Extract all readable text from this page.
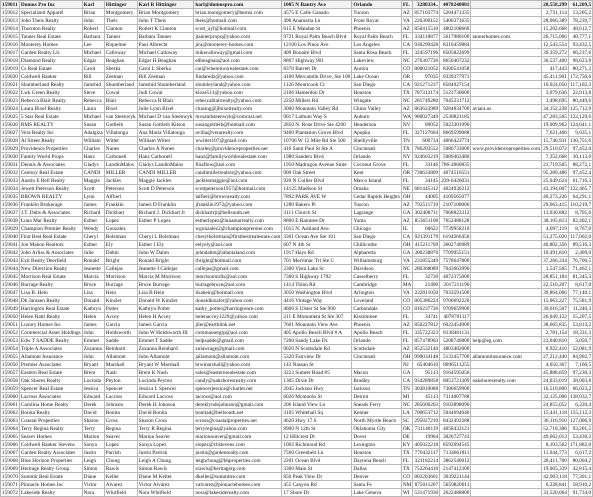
159011	Domus Pro Inc	Karl	Hittinger	Karl R Hittinger	karl@domuspro.com	1005 N Bantry Ave	Orlando	FL	3280334..	4078240001		28,558,299	61,209,5
159012	Specialized Apparel	Brian	Montgomery	Brian Montgomery	brian.montgomery@bernsi.com	4575 E Calle Ganado	Tucson	AZ	857103774	5204471335		2,731,114	13,205,2
159013	John Theis Realty	John	Theis	John T Theis	theis@hotmail.com	490 Anamaria Ln	Front Royal	VA	226300152	5406371635		28,066,389	78,239,7
159014	Thornton Realty	Robert	Clanton	Robert K Clanton	scott_ayf@hotmail.com	615 E Mandan St	Phoenix	AZ	850415510	4802108660		15,202,668	48,612,7
159015	Tanner Real Estate	Barbara	Tanner	Barbara Tanner	jtannerprops@yahoo.com	9721 Royal Palm Beach Blvd	Royal Palm Beach	FL	334118877	5617980100	tannerhomes.com	26,715,066	40,777,1
159016	Monterey Homes	Lee	Riquelme	Paul Albrecht	jira@monterey-homes.com	12100 Los Pinos Ave	Los Angeles	CA	930299428	8310459884		12,543,554	93,432,5
159017	Garden Realty Llc	Michael	Calloway	Michael Calloway	mikecalloway@gmail.com	409 Bonaire Blvd	Santa Rosa Beach	FL	324597196	8505822699		39,359,272	66,237,6
159018	Diamond Realty	Edgar	Beaghan	Edgar H Beaghan	edbeaghan@aol.com	8867 Highway 901	Lakeview	NC	276307720	8650467232		36,537,400	98,623,8
159019	Cs Real Estate	Carol	Sberka	Carol L Sberka	car@whereincsrealestate.com	8370 Barrett Dr	Aurora	CO	800021052	8300541058		417,443	80,271,2
159020	Coldwell Banker	Bill	Zeeman	Bill Zeeman	findaredz@yahoo.com	4100 Mercantile Drive, Ste 100	Lake Ocean	OR	97035	9339377971		45,411,901	172,750,6
159021	Shumberland Realty	Jamshid	Shumberland	Jamshid Shumberland	shumleyland@yahoo.com	1126 Monticook Ct	San Diego	CA	921271237	8584027154		10,024,050	117,102,3
159022	Lwk Green Realty	Steve	Cowal	Judi Cowal	kloze511@yahoo.com	2106 Hamerdon Dr	Houston	TX	787312174	5123730600		3,079,636	22,013,8
159023	Rebecca Blair Realty	Rebecca	Blair	Rebecca R Blair	rebeccablairrealty@yahoo.com	2250 Millers Rd	Wingate	NC	281749280	7045231712		3,498,695	80,449,6
159024	Laura Bixel Realty	Laura	Bixel	Julie Lynn Bixel	chasing@jlbixelrealty.com	3000 Mountain Valley Rd	Chino Valley	AZ	863623989	9284834700	aviara.us	34,152,238	125,712,9
159025	5 Star Real Estate	Michael	van Steenwyk	Michael D van Steenwyk	mvsandsteenwyk@comcast.net	9017 Lathum Way S	Auburn	WA	980027349	2538821185		47,283,565	122,129,6
159026	RMS REALTY	Susan	Gottleib	Susan Gottleib Kitson	susangottleib@hotmail.com	2850 N. Rose Drive Ste 4200	Henderson	NV	89052	5023301990		19,009,962	124,641,1
159027	Vera Realty Inc	Adalgiza	Villalonga	Ana Maria Villalonga	avilla@verarealty.com	9400 Plantation Grove Blvd	Apopka	FL	327127604	8669599088		7,621,466	9,635,1
159028	Al Street Realty	William	Witter	William Witter	wwitter107@gmail.com	10706 W 12 Mile Rd Ste 500	Shelbyville	TN	600734	4066423774		15,740,931	130,751,6
159029	Providence Properties	Charles	Nunes	Charles A Nunes	charles@providenceproperties.net	416 Saint Paul St Ste A	Cincinnati	TX	786203552	5086733000	www.providenceproperties.com	29,510,072	97,452,0
159030	Family World Props	Hanz	Carbonell	Hanz Carbonell	hanz@familyworldrealestate.com	1980 Sanders Blvd	Orlando	NY	924603219	5089463480		7,352,668	30,113,6
159031	Dennis & Associates	Gladys	LandinMalos	Gladys LandinMalos	floaflow@aol.com	1950 Madrugon Avenue Suite	Coconut Grove	FL	33146	786-2860835		21,719,505	88,272,1
159032	Century Real Estate	CANDI	MILLER	CANDI MILLER	candimillerrealtor@yahoo.com	900 Oak Street	Kent	OR	730633809	4074516551		95,289,486	97,452,4
159033	Austin E Bell Realty	Maggie	Jackles	Maggie Jackles	jacklesmaggie@aol.com	920 N Collier Blvd	Marco Island	FL	34145	239-6426031		25,049,624	61,716,3
159034	Jewett Peterson Realty	Scott	Peterson	Scott D Peterson	scottpeterson1957@hotmail.com	14125 Madison St	Omaha	NE	681445312	4024936212		43,194,007	122,465,7
159035	BROWN REALTY	Lynn	Alflieri		lalfieri@brownrealty.com	7892 PARK AVE W	Cedar Rapids Heights	OH	44005	4109565077		40,273,226	64,291,1
159036	Franklin Brokerage	James	Franklin	James D Franklin	jfranklin1972@yahoo.com	1280 Bakers Pl	Tuscon	AZ	792511719	2107108006		29,663,415	110,219,7
159037	J.T. Dubs & Associates	Richard	Dickhart	Richard J. Dickhart Jr	dickhartrjr@bellsouth.net	3111 Church St	Lagrange	GA	302408711	7068823312		13,030,882	8,705,6
159038	Luna Mar Realty	Esther	Lopez	Esther P Lopez	estherlopez@lunamarrealty.com	8800 E Raintree Dr	Yuma	AZ	853651108	7652488128		38,105,813	82,402,1
159039	Champion Premier Realty	Wendy	Gonzalez		wgonzalez2@championpremier.com	1015 N. Ashland Ave.	Chicago	IL	60622	7739958210		4,097,119	8,767,0
159040	First Best Real Estate	Cheryl	Bolstman	Cheryl L Bolstman	cherylbolstman@firstbestrealestate.com	3301 Ocean Ave Ste 101	San Diego	CA	921391179	6194266450		51,275,020	117,002,0
159041	Jon Mahon Realtors	Esther	Ely	Esther J Ely	eelyely@aol.com	607 N 4th St	Chillicothe	OH	415211769	3602746989		40,802,356	89,516,3
159042	John Arliss & Associates	Julie	Dahm	John W Dahm	johndahm@atlantaland.com	1917 Hays Rd	Alpharetta	GA	300238870	7709955151		10,491,810	2,409,0
159043	Exit Realty Deerfield	Ronald	Bright	Ronald Bright	rbright@hotmail.com	701 Merrimac Trl Ste C	Williamsburg	VA	231855349	7578647800		37,266,334	76,700,5
159044	New Direction Realty	Jeanette	Callejas	Jeanette J Callejas	callejas@gmail.com	2300 Vista Lake Sr	Davidson	NC	280368089	7043663990		1,547,565	71,462,1
159045	Morrison Real Estate	Marcia	Morrison	Marcia M Morrison	morrisonmrlls@aol.com	7300 S Highway 1792	Casselberry	FL	32730	4072375000		28,851,184	81,345,3
159046	Burrage Realty	Bruce	Burrage	Bruce Burrage	burragebruce@aol.com	1414 Thinn Rd	Cambridge	MA	21400	2017211190		22,510,207	8,617,0
159047	Lisa B. Hein	Lisa	Hein	Lisa B Hein	lisahein@hotmail.com	3050 Washington Blvd	Arlington	VA	222011050	7033591500		39,864,066	77,140,1
159048	Dk Janssen Realty	Donald	Kinzler	Donald W Kinzler	donaldkinzler@yahoo.com	4416 Vintage Way	Loveland	CO	805386224	9706692220		15,063,227	75,581,9
159049	Harrington Real Estate	Kathryn	Potter	Kathryn Potter	kathy_potter@harringtonre.com	4600 S Ulster St Ste 900	Carbondale	CO	816237720	9709659900		39,616,507	11,240,3
159050	Helen Ratti Realty	Helen	Accey	Helen H Accey	helenaccey1229@yahoo.com	211 E Monument St Ste 307	Kissimmee	FL	34741	4078701117		26,049,122	55,207,5
159051	Luxury Homes Inc	James	Garcia	James Garcia	jiler@earthlink.net	7601 Mountain View Ave	Phoenix	AZ	850227812	6023454000		38,665,835	53,813,2
159052	Commercial Asset Holdings	John	Holdsworth	John W Holdsworth III	commassetgrp@aol.com	405 Apollo Beach Blvd # A	Apollo Beach	FL	335722323	8138481131		2,781,154	18,331,3
159053	Edw T SADDE Realty	Emmet	Sadde	Emmet T Sadde	helpsadde@gmail.com	7200 Sandy Lake Dr.	Orlando	FL	857478903	5208746800	help@eg.com	23,040,810	3,050,7
159054	Triple A Associates	Zuzanna	Reinhard	Zuzanna Reinhard	zulawrage@gmail.com	9020 N Scottsdale Rd	Scottsdale	AZ	852532140	4803482000		8,922,410	52,081,9
159055	Allamont Insurance	John	Allamont	John Allamont	jallamont@allamont.com	5320 Fairview Dr	Cincinnati	OH	990034148	5133457700	allamontinsurance.com	27,212,440	84,902,7
159056	Premier Associates	Bryant	Marshall	Bryant W Marshall	brwmarshall@yahoo.com	143 Nassau St		NJ	65404610	8096511255		4,050,367	7,160,5
159057	Eastern Real Estate	Brent	Nash	Brent K Nash	sales@easternrealestate.com	3223 Sumter Road #5	Macon	GA	95113	9164595056		45,888,859	97,230,3
159058	Oak Shores Realty	Lucinda	Peyton	Lucinda Peyton	candy@oakshoresrealty.com	1305 Dixie Dr	Bradley	CA	934289858	8053721309	oakshoresrealty.com	24,033,019	38,003,8
159059	Spencer Real Estate	Jessica	Spencer	Jessica L Spencer	spencerjessica@charter.net	2045 Jackson Hwy	Jackson	TN	303810088	7306659900		16,510,800	66,023,2
159060	Lacross Associates	Edward	Lacross	Edward Lacross	lacross@aol.com	6026 Mcmurdo St	Detroit	MI	45113	7314007788		32,125,006	138,032,7
159061	Carolina Home Realty	Derek	Johnson	Derek H Johnson	dereklyndojohnson@gmail.com	206 Island View Ln	Sneads Ferry	NC	285600203	9103898090		24,855,052	6,220,4
159062	Bonita Realty	David	Bonita	David Bonita	bonitad@bellsouth.net	3105 Whitehall Sq	Kenner	LA	700653712	5044694040		15,441,118	155,112,3
159063	Coastal Properties	Sharon	Cross	Sharon Cross	scross@coastalproperties.net	4620 Hwy 17 S	North Myrtle Beach	SC	295827210	8432492288		36,116,910	127,006,9
159064	Terry Regina Realty	Terry	Regina	Terry R Regina	terryregina@yahoo.com	8900 N 12th St	Oklahoma City	OK	731140119	4058432121		52,718,306	93,201,5
159065	Seaver Homes	Marion	Seaver	Marion Seaver	marionseaver@gmail.com	12 Hillcrest Dr	Dover	DE	19904	3026727743		49,662,013	53,430,2
159066	Coldwell Banker Stevens	Sonya	Lopez	Sonya Lopez	slopez@cbstevens.com	1002 Richmond Rd	Lexington	KY	405022218	8592694545		8,103,562	171,882,0
159067	Garden Realty Associates	Justin	Parrish	Justin Parrish	justin@gardenrealty.com	7560 Greenbelt Ln	Houston	TX	770432117	7134661811		11,044,773	6,617,2
159068	Blue Horizon Properties	Leigh	Chung	Leigh A Chung	leighchung@bhproperties.com	2201 Ocean Blvd	Daytona Beach	FL	321182214	3862540012		28,411,700	80,004,2
159069	Heritage Realty Group	Simon	Rawls	Simon Rawls	srawls@heritagerg.com	3300 Main St	Dallas	TX	752264410	2147412300		19,005,339	42,815,4
159070	Summit Real Estate	Diane	Keller	Diane M Keller	dkeller@summitre.com	850 Peak View Dr	Denver	CO	802203601	3039221144		42,903,118	77,301,1
159071	Pinnacle Homes Inc	Victor	Alvarez	Victor Alvarez	valvarez@pinnaclehomes.com	455 Canyon Rd	Santa Fe	NM	875011207	5059820011		6,228,841	58,910,2
159072	Lakeside Realty	Nora	Whitfield	Nora Whitfield	nora@lakesiderealty.com	17 Shore Dr	Lake Geneva	WI	531471930	2622488800		33,520,064	91,734,0
